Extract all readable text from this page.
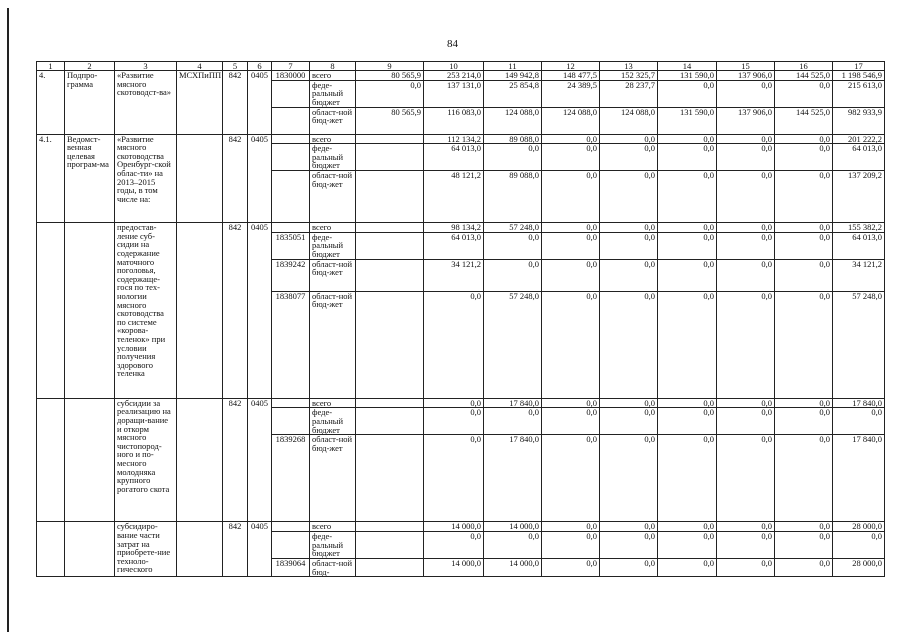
84
1	2	3	4	5	6	7	8	9	10	11	12	13	14	15	16	17
4.	Подпро-грамма	«Развитие мясного скотоводст-ва»	МСХПиПП	842	0405	1830000	всего	80 565,9	253 214,0	149 942,8	148 477,5	152 325,7	131 590,0	137 906,0	144 525,0	1 198 546,9
							феде-ральный бюджет	0,0	137 131,0	25 854,8	24 389,5	28 237,7	0,0	0,0	0,0	215 613,0
							област-ной бюд-жет	80 565,9	116 083,0	124 088,0	124 088,0	124 088,0	131 590,0	137 906,0	144 525,0	982 933,9
4.1.	Ведомст-венная целевая програм-ма	«Развитие мясного скотоводства Оренбург-ской облас-ти» на 2013–2015 годы, в том числе на:		842	0405		всего		112 134,2	89 088,0	0,0	0,0	0,0	0,0	0,0	201 222,2
							феде-ральный бюджет		64 013,0	0,0	0,0	0,0	0,0	0,0	0,0	64 013,0
							област-ной бюд-жет		48 121,2	89 088,0	0,0	0,0	0,0	0,0	0,0	137 209,2
		предостав-ление суб-сидии на содержание маточного поголовья, содержаще-гося по тех-нологии мясного скотоводства по системе «корова-теленок» при условии получения здорового теленка		842	0405		всего		98 134,2	57 248,0	0,0	0,0	0,0	0,0	0,0	155 382,2
						1835051	феде-ральный бюджет		64 013,0	0,0	0,0	0,0	0,0	0,0	0,0	64 013,0
						1839242	област-ной бюд-жет		34 121,2	0,0	0,0	0,0	0,0	0,0	0,0	34 121,2
						1838077	област-ной бюд-жет		0,0	57 248,0	0,0	0,0	0,0	0,0	0,0	57 248,0
		субсидии за реализацию на доращи-вание и откорм мясного чистопород-ного и по-месного молодняка крупного рогатого скота		842	0405		всего		0,0	17 840,0	0,0	0,0	0,0	0,0	0,0	17 840,0
							феде-ральный бюджет		0,0	0,0	0,0	0,0	0,0	0,0	0,0	0,0
						1839268	област-ной бюд-жет		0,0	17 840,0	0,0	0,0	0,0	0,0	0,0	17 840,0
		субсидиро-вание части затрат на приобрете-ние техноло-гического		842	0405		всего		14 000,0	14 000,0	0,0	0,0	0,0	0,0	0,0	28 000,0
							феде-ральный бюджет		0,0	0,0	0,0	0,0	0,0	0,0	0,0	0,0
						1839064	област-ной бюд-		14 000,0	14 000,0	0,0	0,0	0,0	0,0	0,0	28 000,0
